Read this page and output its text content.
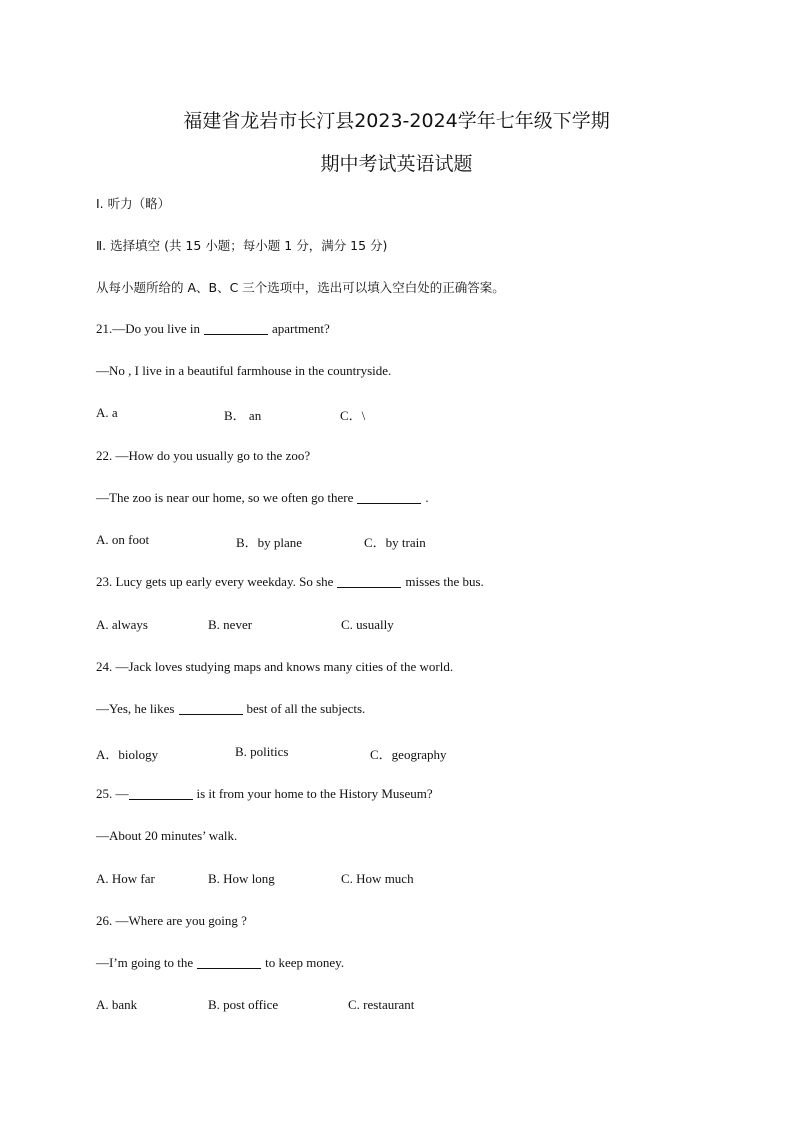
福建省龙岩市长汀县2023-2024学年七年级下学期
期中考试英语试题
Ⅰ. 听力（略）
Ⅱ. 选择填空 (共 15 小题；每小题 1 分，满分 15 分)
从每小题所给的 A、B、C 三个选项中，选出可以填入空白处的正确答案。
21.—Do you live in	apartment?
—No , I live in a beautiful farmhouse in the countryside.
A. a	B． an	C．\
22. —How do you usually go to the zoo?
—The zoo is near our home, so we often go there	.
A. on foot	B．by plane	C．by train
23. Lucy gets up early every weekday. So she	misses the bus.
A. always	B. never	C. usually
24. —Jack loves studying maps and knows many cities of the world.
—Yes, he likes	best of all the subjects.
A．biology	B. politics	C．geography
25. —	is it from your home to the History Museum?
—About 20 minutes’ walk.
A. How far	B. How long	C. How much
26. —Where are you going ?
—I’m going to the	to keep money.
A. bank	B. post office	C. restaurant
